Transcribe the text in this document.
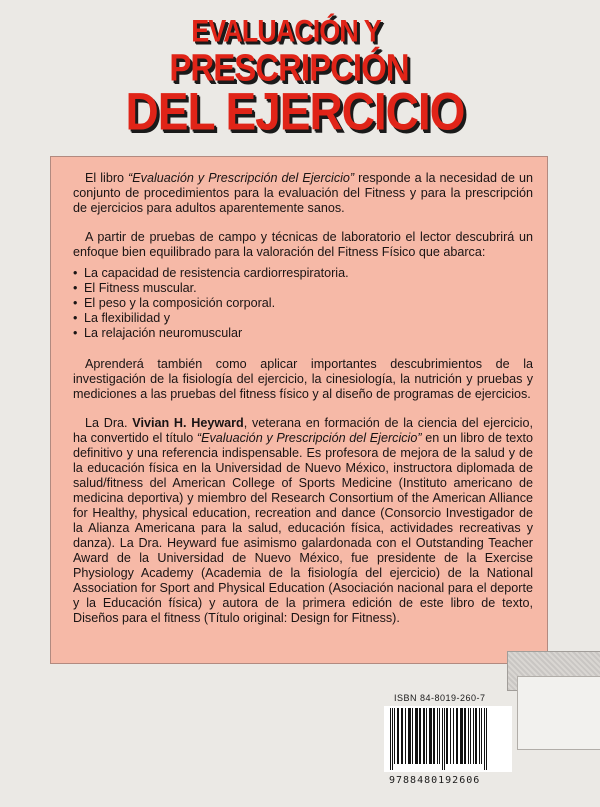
EVALUACIÓN Y
PRESCRIPCIÓN
DEL EJERCICIO

El libro “Evaluación y Prescripción del Ejercicio” responde a la necesidad de un conjunto de procedimientos para la evaluación del Fitness y para la prescripción de ejercicios para adultos aparentemente sanos.

A partir de pruebas de campo y técnicas de laboratorio el lector descubrirá un enfoque bien equilibrado para la valoración del Fitness Físico que abarca:

• La capacidad de resistencia cardiorrespiratoria.
• El Fitness muscular.
• El peso y la composición corporal.
• La flexibilidad y
• La relajación neuromuscular

Aprenderá también como aplicar importantes descubrimientos de la investigación de la fisiología del ejercicio, la cinesiología, la nutrición y pruebas y mediciones a las pruebas del fitness físico y al diseño de programas de ejercicios.

La Dra. Vivian H. Heyward, veterana en formación de la ciencia del ejercicio, ha convertido el título “Evaluación y Prescripción del Ejercicio” en un libro de texto definitivo y una referencia indispensable. Es profesora de mejora de la salud y de la educación física en la Universidad de Nuevo México, instructora diplomada de salud/fitness del American College of Sports Medicine (Instituto americano de medicina deportiva) y miembro del Research Consortium of the American Alliance for Healthy, physical education, recreation and dance (Consorcio Investigador de la Alianza Americana para la salud, educación física, actividades recreativas y danza). La Dra. Heyward fue asimismo galardonada con el Outstanding Teacher Award de la Universidad de Nuevo México, fue presidente de la Exercise Physiology Academy (Academia de la fisiología del ejercicio) de la National Association for Sport and Physical Education (Asociación nacional para el deporte y la Educación física) y autora de la primera edición de este libro de texto, Diseños para el fitness (Título original: Design for Fitness).

ISBN 84-8019-260-7
9788480192606
